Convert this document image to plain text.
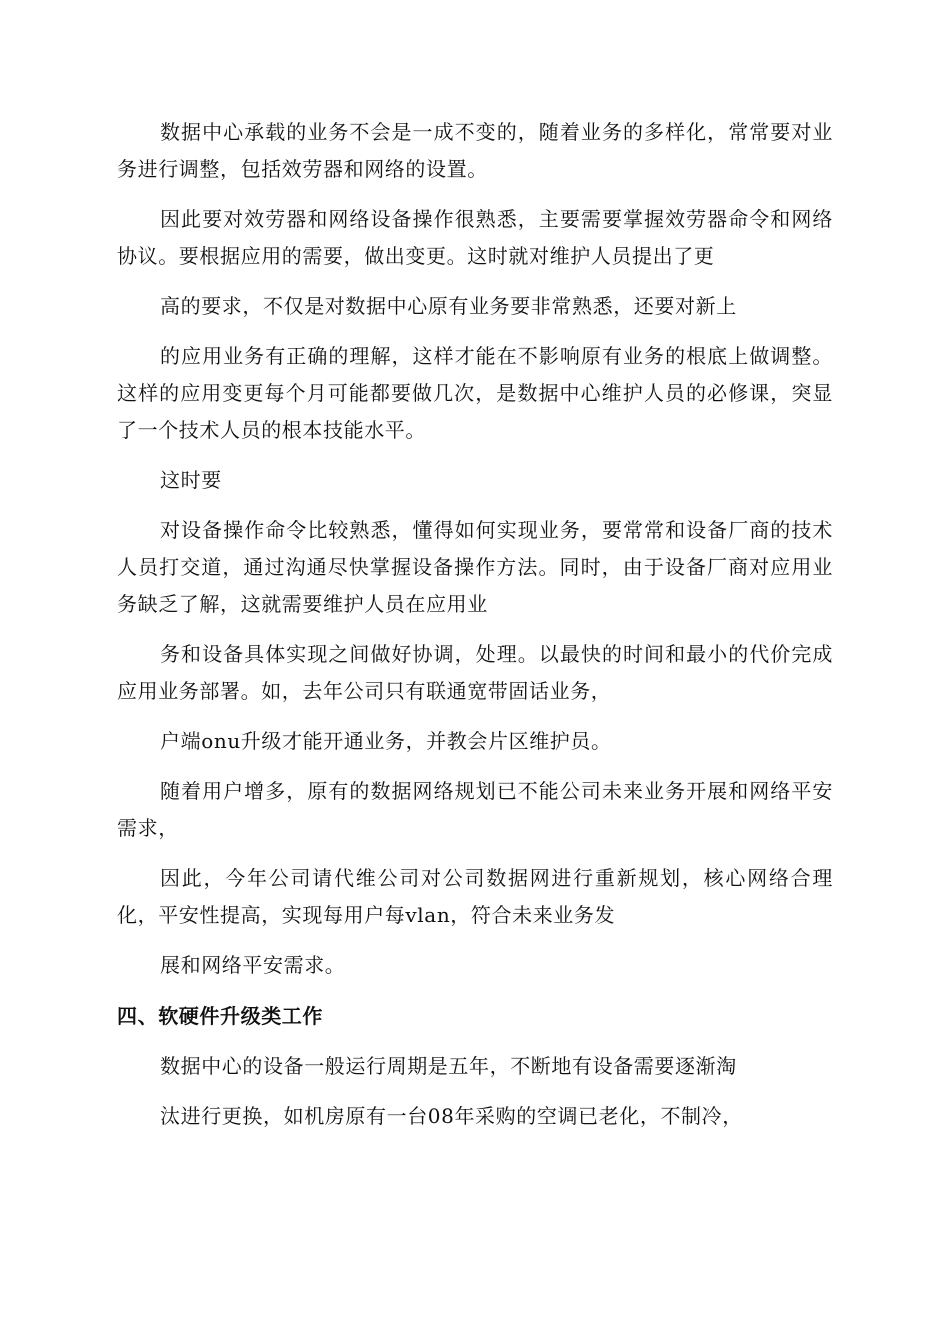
数据中心承载的业务不会是一成不变的，随着业务的多样化，常常要对业务进行调整，包括效劳器和网络的设置。

因此要对效劳器和网络设备操作很熟悉，主要需要掌握效劳器命令和网络协议。要根据应用的需要，做出变更。这时就对维护人员提出了更

高的要求，不仅是对数据中心原有业务要非常熟悉，还要对新上

的应用业务有正确的理解，这样才能在不影响原有业务的根底上做调整。这样的应用变更每个月可能都要做几次，是数据中心维护人员的必修课，突显了一个技术人员的根本技能水平。

这时要

对设备操作命令比较熟悉，懂得如何实现业务，要常常和设备厂商的技术人员打交道，通过沟通尽快掌握设备操作方法。同时，由于设备厂商对应用业务缺乏了解，这就需要维护人员在应用业

务和设备具体实现之间做好协调，处理。以最快的时间和最小的代价完成应用业务部署。如，去年公司只有联通宽带固话业务，

户端onu升级才能开通业务，并教会片区维护员。

随着用户增多，原有的数据网络规划已不能公司未来业务开展和网络平安需求，

因此，今年公司请代维公司对公司数据网进行重新规划，核心网络合理化，平安性提高，实现每用户每vlan，符合未来业务发

展和网络平安需求。

四、软硬件升级类工作

数据中心的设备一般运行周期是五年，不断地有设备需要逐渐淘

汰进行更换，如机房原有一台08年采购的空调已老化，不制冷，
